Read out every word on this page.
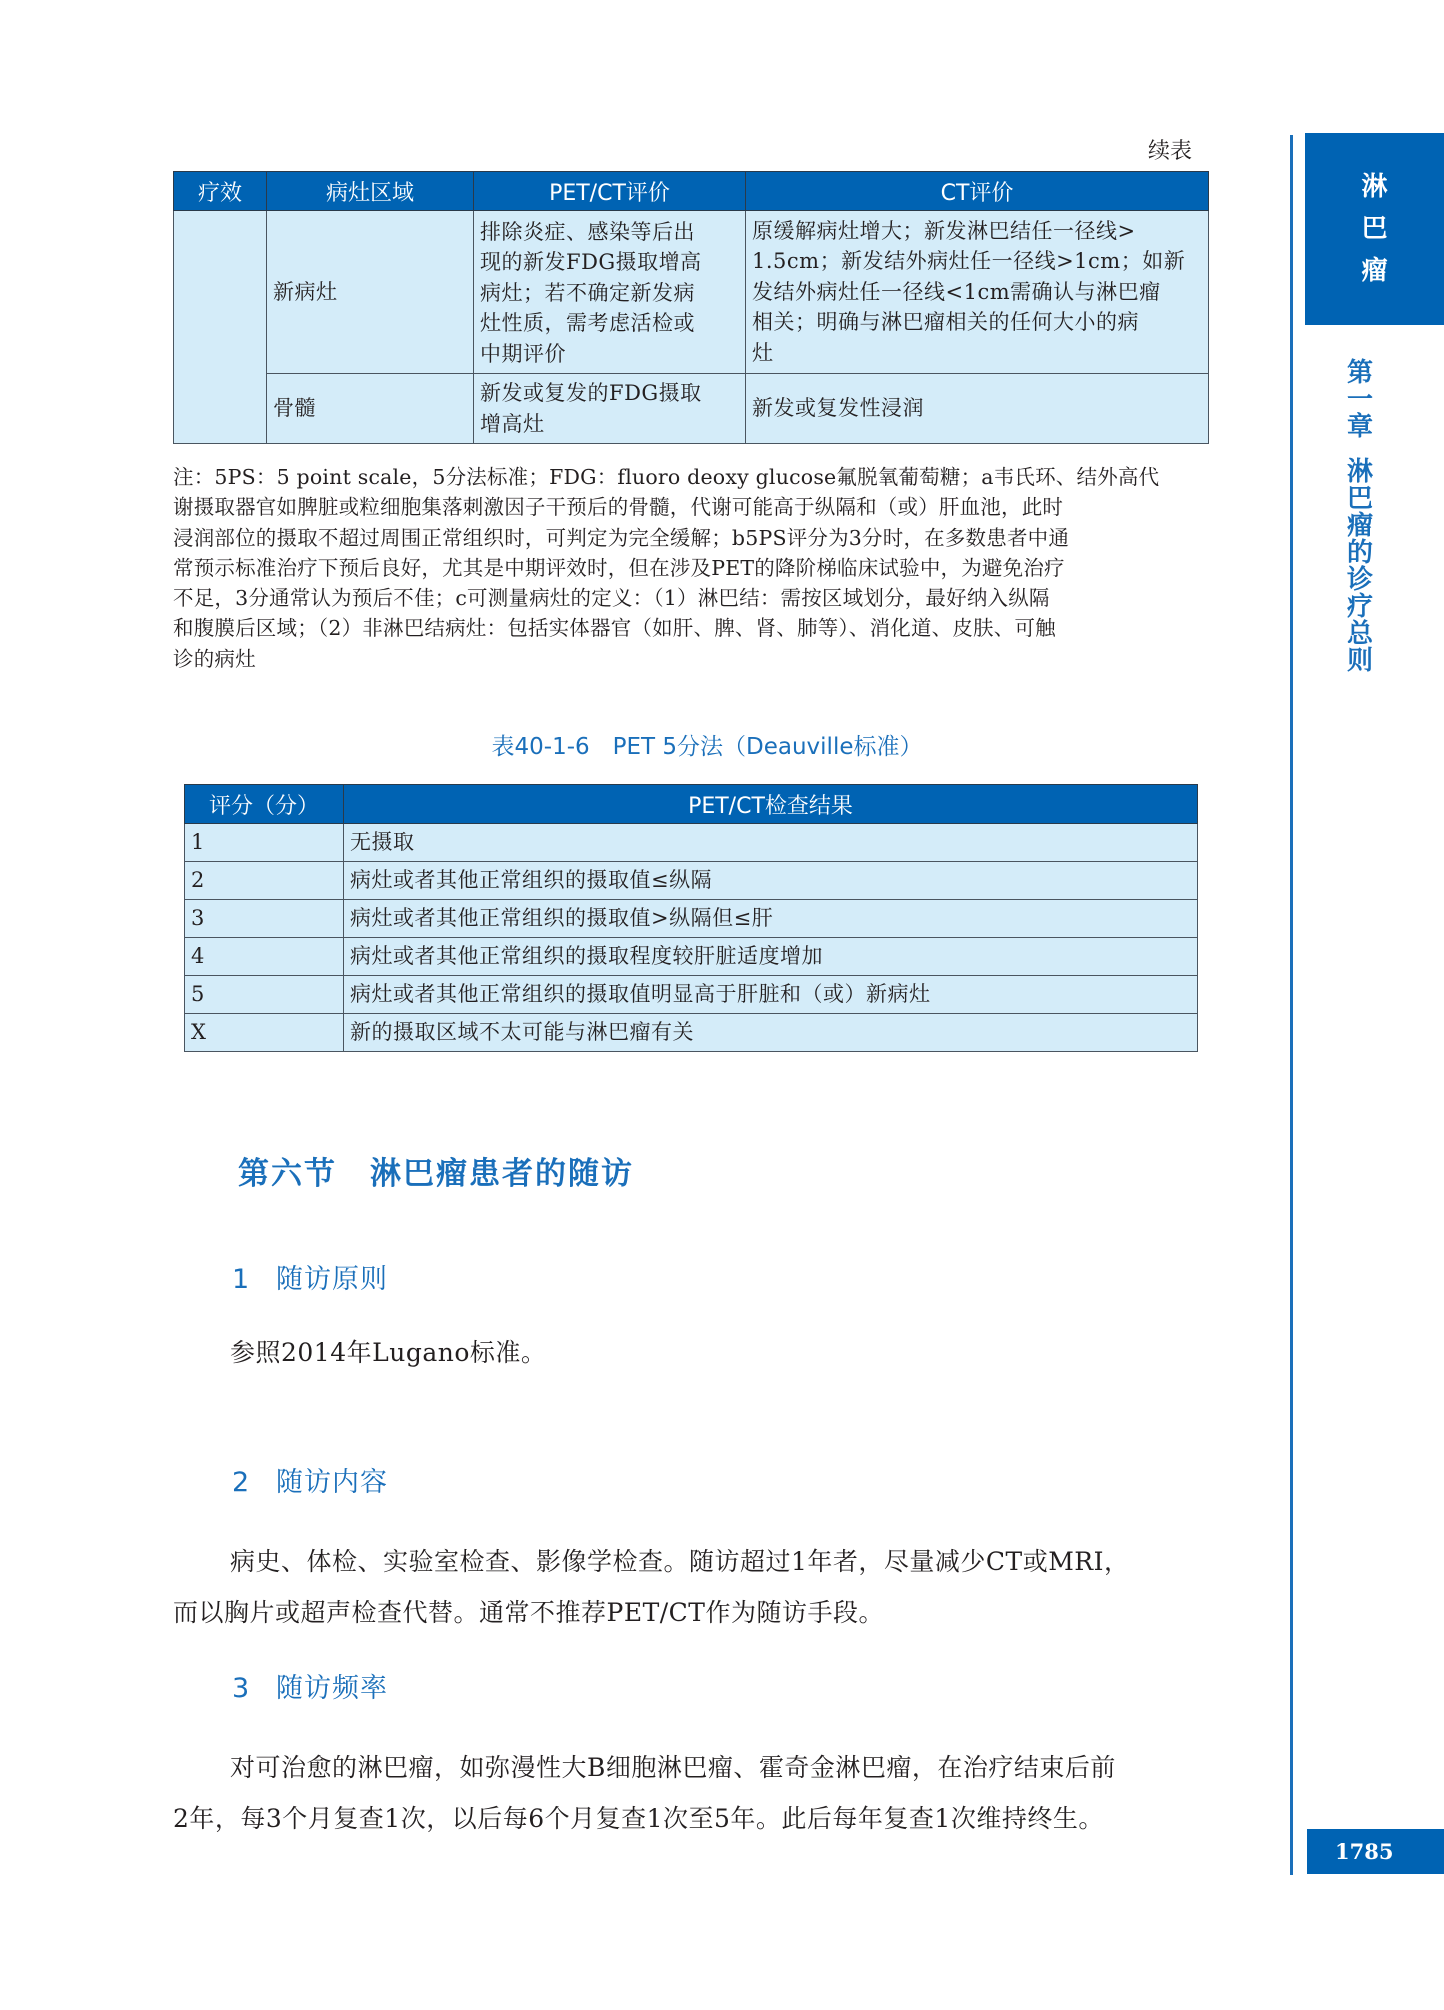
续表
疗效	病灶区域	PET/CT评价	CT评价
	新病灶	排除炎症、感染等后出
现的新发FDG摄取增高
病灶；若不确定新发病
灶性质，需考虑活检或
中期评价	原缓解病灶增大；新发淋巴结任一径线>
1.5cm；新发结外病灶任一径线>1cm；如新
发结外病灶任一径线<1cm需确认与淋巴瘤
相关；明确与淋巴瘤相关的任何大小的病
灶

	骨髓	新发或复发的FDG摄取
增高灶	新发或复发性浸润
注：5PS：5 point scale，5分法标准；FDG：fluoro deoxy glucose氟脱氧葡萄糖；a韦氏环、结外高代
谢摄取器官如脾脏或粒细胞集落刺激因子干预后的骨髓，代谢可能高于纵隔和（或）肝血池，此时
浸润部位的摄取不超过周围正常组织时，可判定为完全缓解；b5PS评分为3分时，在多数患者中通
常预示标准治疗下预后良好，尤其是中期评效时，但在涉及PET的降阶梯临床试验中，为避免治疗
不足，3分通常认为预后不佳；c可测量病灶的定义：（1）淋巴结：需按区域划分，最好纳入纵隔
和腹膜后区域；（2）非淋巴结病灶：包括实体器官（如肝、脾、肾、肺等）、消化道、皮肤、可触
诊的病灶
表40-1-6　PET 5分法（Deauville标准）
评分（分）	PET/CT检查结果
1	无摄取
2	病灶或者其他正常组织的摄取值≤纵隔
3	病灶或者其他正常组织的摄取值>纵隔但≤肝
4	病灶或者其他正常组织的摄取程度较肝脏适度增加
5	病灶或者其他正常组织的摄取值明显高于肝脏和（或）新病灶
X	新的摄取区域不太可能与淋巴瘤有关
第六节　淋巴瘤患者的随访
1 随访原则
参照2014年Lugano标准。
2 随访内容
病史、体检、实验室检查、影像学检查。随访超过1年者，尽量减少CT或MRI，
而以胸片或超声检查代替。通常不推荐PET/CT作为随访手段。
3 随访频率
对可治愈的淋巴瘤，如弥漫性大B细胞淋巴瘤、霍奇金淋巴瘤，在治疗结束后前
2年，每3个月复查1次，以后每6个月复查1次至5年。此后每年复查1次维持终生。
淋
巴
瘤
第
一
章
淋
巴
瘤
的
诊
疗
总
则
1785
